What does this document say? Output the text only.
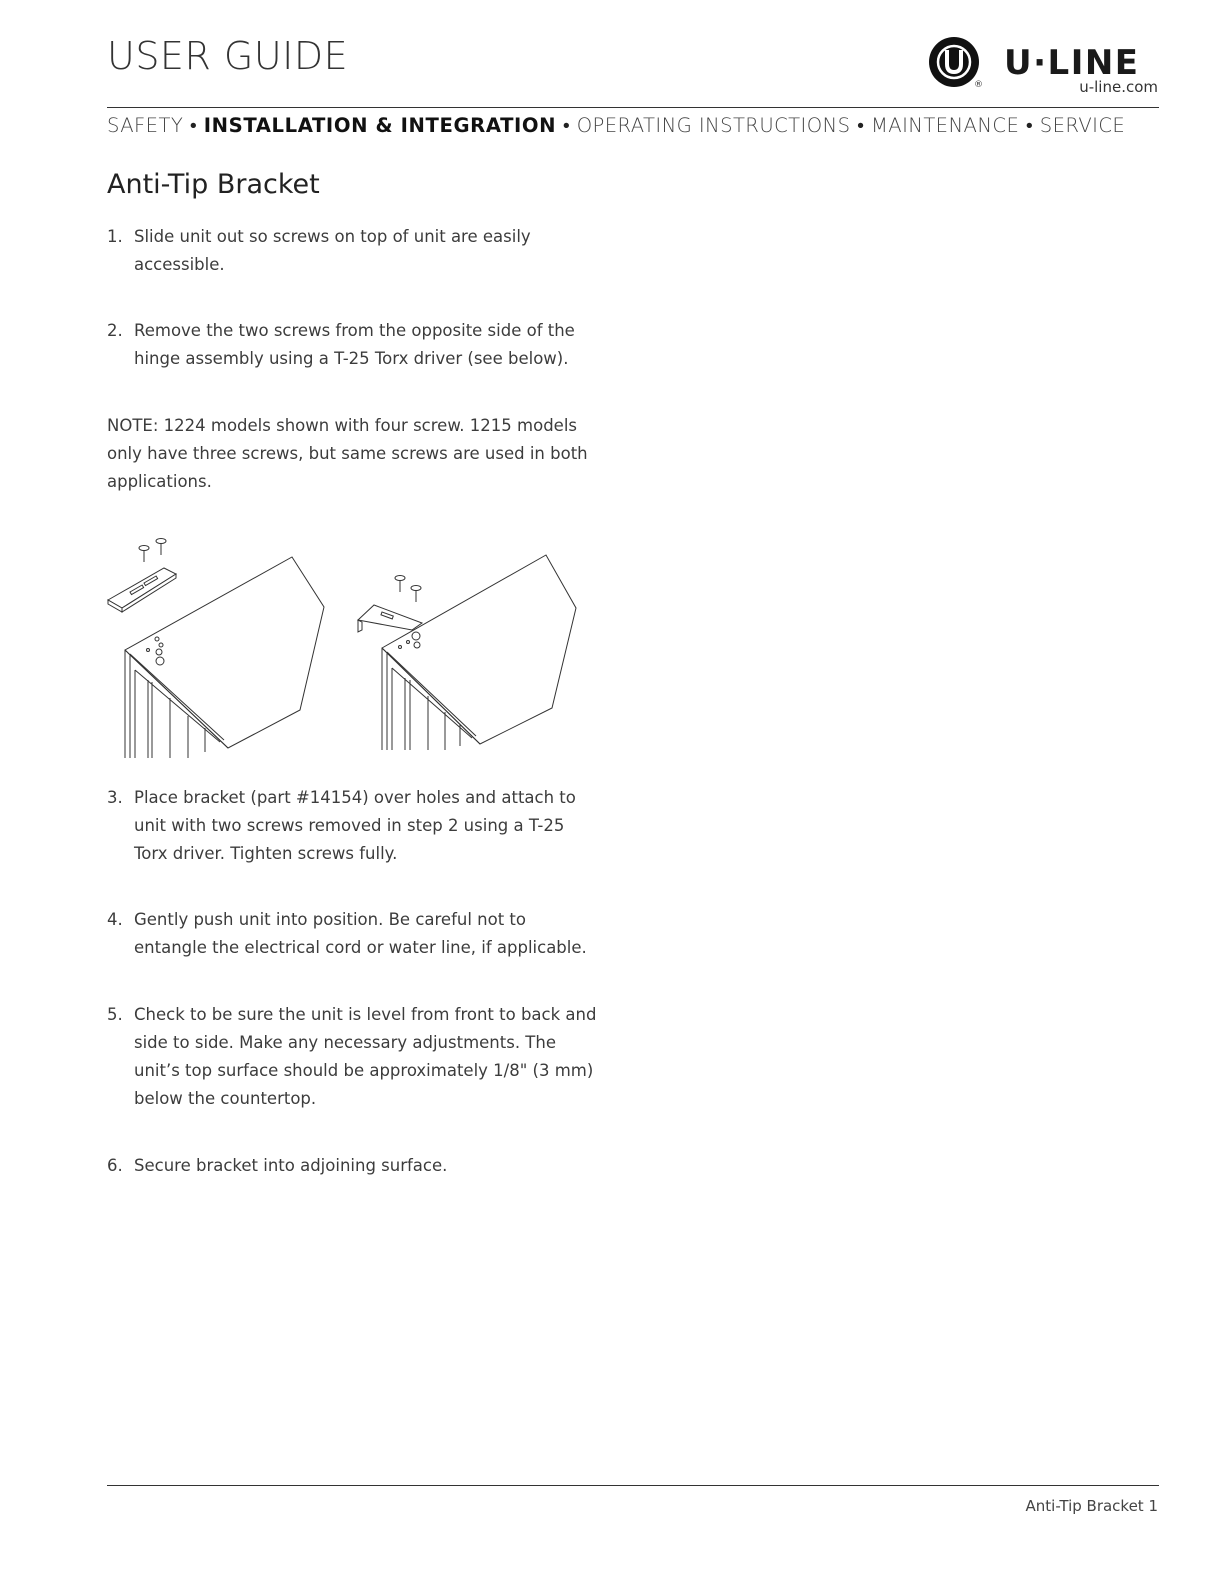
USER GUIDE
®
U·LINE
u-line.com
SAFETY • INSTALLATION & INTEGRATION • OPERATING INSTRUCTIONS • MAINTENANCE • SERVICE
Anti-Tip Bracket
1. Slide unit out so screws on top of unit are easily accessible.
2. Remove the two screws from the opposite side of the hinge assembly using a T-25 Torx driver (see below).
NOTE: 1224 models shown with four screw. 1215 models only have three screws, but same screws are used in both applications.
3. Place bracket (part #14154) over holes and attach to unit with two screws removed in step 2 using a T-25 Torx driver. Tighten screws fully.
4. Gently push unit into position. Be careful not to entangle the electrical cord or water line, if applicable.
5. Check to be sure the unit is level from front to back and side to side. Make any necessary adjustments. The unit’s top surface should be approximately 1/8" (3 mm) below the countertop.
6. Secure bracket into adjoining surface.
Anti-Tip Bracket 1
